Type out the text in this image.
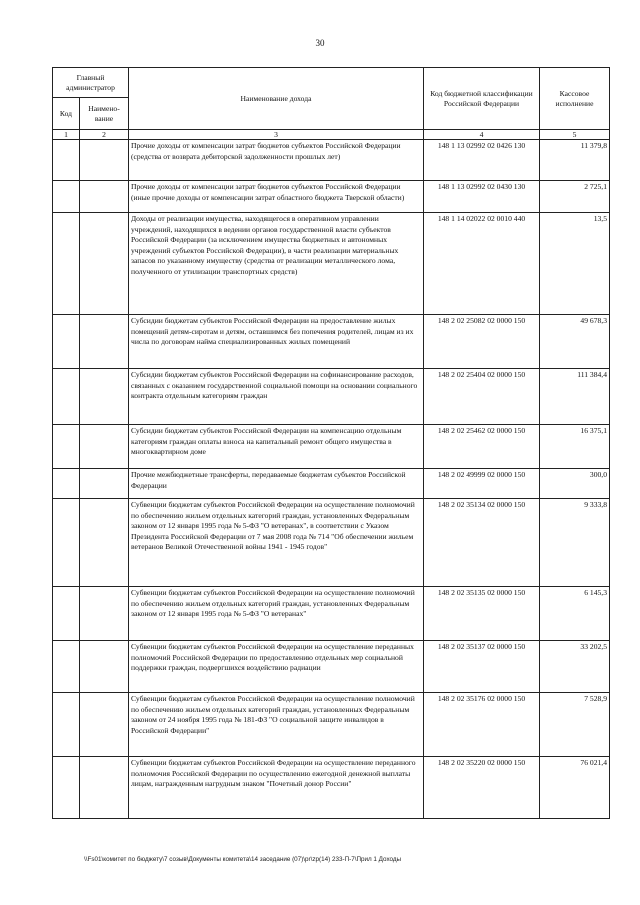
30
Главный администратор		Наименование дохода	Код бюджетной классификации Российской Федерации	Кассовое исполнение
Код	Наимено-вание			
1	2	3	4	5
		Прочие доходы от компенсации затрат бюджетов субъектов Российской Федерации (средства от возврата дебиторской задолженности прошлых лет)	148 1 13 02992 02 0426 130	11 379,8
		Прочие доходы от компенсации затрат бюджетов субъектов Российской Федерации (иные прочие доходы от компенсации затрат областного бюджета Тверской области)	148 1 13 02992 02 0430 130	2 725,1
		Доходы от реализации имущества, находящегося в оперативном управлении учреждений, находящихся в ведении органов государственной власти субъектов Российской Федерации (за исключением имущества бюджетных и автономных учреждений субъектов Российской Федерации), в части реализации материальных запасов по указанному имуществу (средства от реализации металлического лома, полученного от утилизации транспортных средств)	148 1 14 02022 02 0010 440	13,5
		Субсидии бюджетам субъектов Российской Федерации на предоставление жилых помещений детям-сиротам и детям, оставшимся без попечения родителей, лицам из их числа по договорам найма специализированных жилых помещений	148 2 02 25082 02 0000 150	49 678,3
		Субсидии бюджетам субъектов Российской Федерации на софинансирование расходов, связанных с оказанием государственной социальной помощи на основании социального контракта отдельным категориям граждан	148 2 02 25404 02 0000 150	111 384,4
		Субсидии бюджетам субъектов Российской Федерации на компенсацию отдельным категориям граждан оплаты взноса на капитальный ремонт общего имущества в многоквартирном доме	148 2 02 25462 02 0000 150	16 375,1
		Прочие межбюджетные трансферты, передаваемые бюджетам субъектов Российской Федерации	148 2 02 49999 02 0000 150	300,0
		Субвенции бюджетам субъектов Российской Федерации на осуществление полномочий по обеспечению жильем отдельных категорий граждан, установленных Федеральным законом от 12 января 1995 года № 5-ФЗ "О ветеранах", в соответствии с Указом Президента Российской Федерации от 7 мая 2008 года № 714 "Об обеспечении жильем ветеранов Великой Отечественной войны 1941 - 1945 годов"	148 2 02 35134 02 0000 150	9 333,8
		Субвенции бюджетам субъектов Российской Федерации на осуществление полномочий по обеспечению жильем отдельных категорий граждан, установленных Федеральным законом от 12 января 1995 года № 5-ФЗ "О ветеранах"	148 2 02 35135 02 0000 150	6 145,3
		Субвенции бюджетам субъектов Российской Федерации на осуществление переданных полномочий Российской Федерации по предоставлению отдельных мер социальной поддержки граждан, подвергшихся воздействию радиации	148 2 02 35137 02 0000 150	33 202,5
		Субвенции бюджетам субъектов Российской Федерации на осуществление полномочий по обеспечению жильем отдельных категорий граждан, установленных Федеральным законом от 24 ноября 1995 года № 181-ФЗ "О социальной защите инвалидов в Российской Федерации"	148 2 02 35176 02 0000 150	7 528,9
		Субвенции бюджетам субъектов Российской Федерации на осуществление переданного полномочия Российской Федерации по осуществлению ежегодной денежной выплаты лицам, награжденным нагрудным знаком "Почетный донор России"	148 2 02 35220 02 0000 150	76 021,4
\\Fs01\комитет по бюджету\7 созыв\Документы комитета\14 заседание (07)\pr\zp(14) 233-П-7\Прил 1 Доходы
